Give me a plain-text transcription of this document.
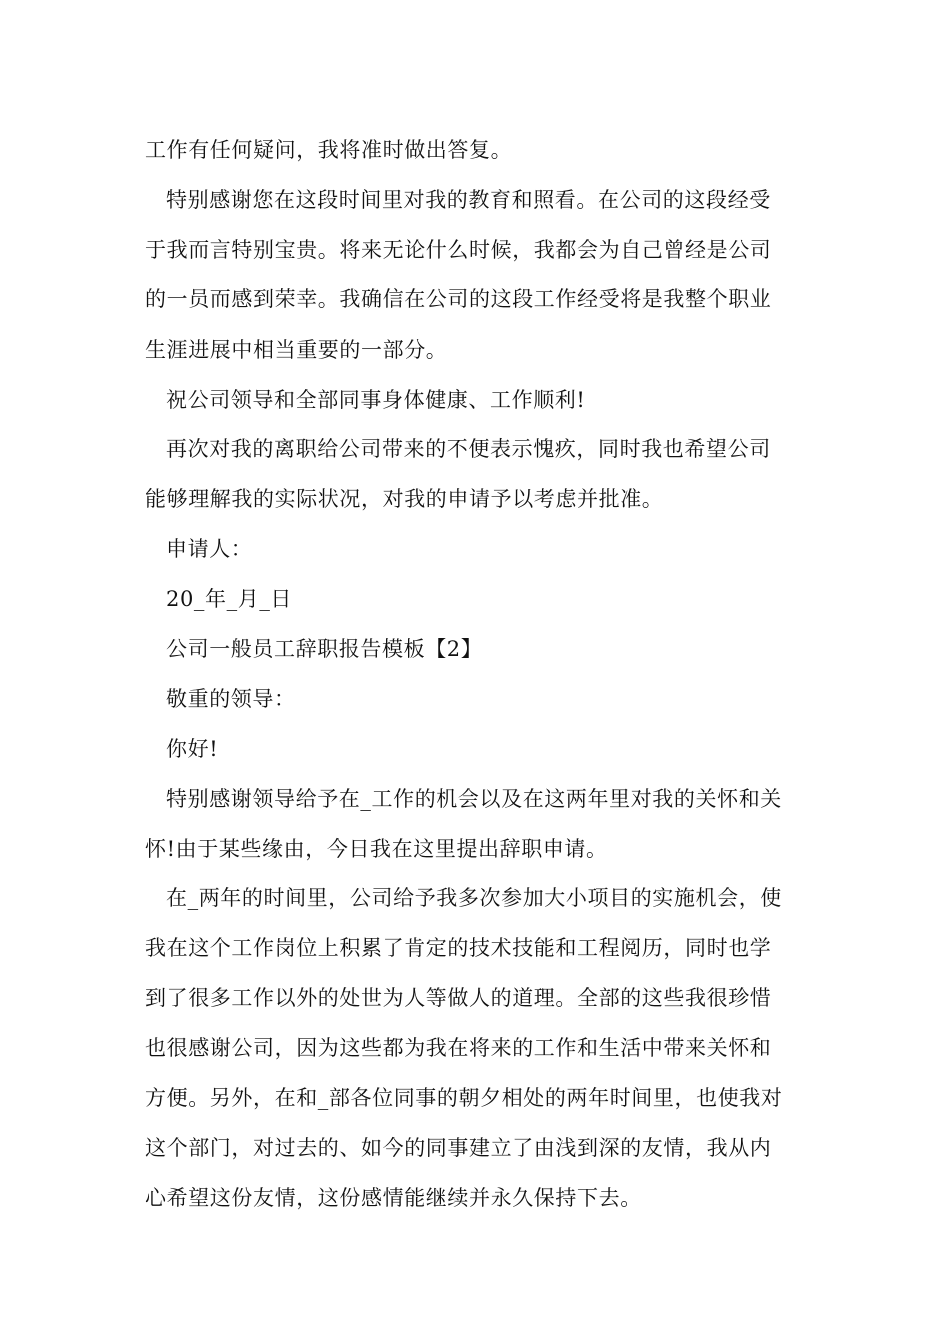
工作有任何疑问，我将准时做出答复。
特别感谢您在这段时间里对我的教育和照看。在公司的这段经受
于我而言特别宝贵。将来无论什么时候，我都会为自己曾经是公司
的一员而感到荣幸。我确信在公司的这段工作经受将是我整个职业
生涯进展中相当重要的一部分。
祝公司领导和全部同事身体健康、工作顺利!
再次对我的离职给公司带来的不便表示愧疚，同时我也希望公司
能够理解我的实际状况，对我的申请予以考虑并批准。
申请人：
20_年_月_日
公司一般员工辞职报告模板【2】
敬重的领导：
你好!
特别感谢领导给予在_工作的机会以及在这两年里对我的关怀和关
怀!由于某些缘由，今日我在这里提出辞职申请。
在_两年的时间里，公司给予我多次参加大小项目的实施机会，使
我在这个工作岗位上积累了肯定的技术技能和工程阅历，同时也学
到了很多工作以外的处世为人等做人的道理。全部的这些我很珍惜
也很感谢公司，因为这些都为我在将来的工作和生活中带来关怀和
方便。另外，在和_部各位同事的朝夕相处的两年时间里，也使我对
这个部门，对过去的、如今的同事建立了由浅到深的友情，我从内
心希望这份友情，这份感情能继续并永久保持下去。
